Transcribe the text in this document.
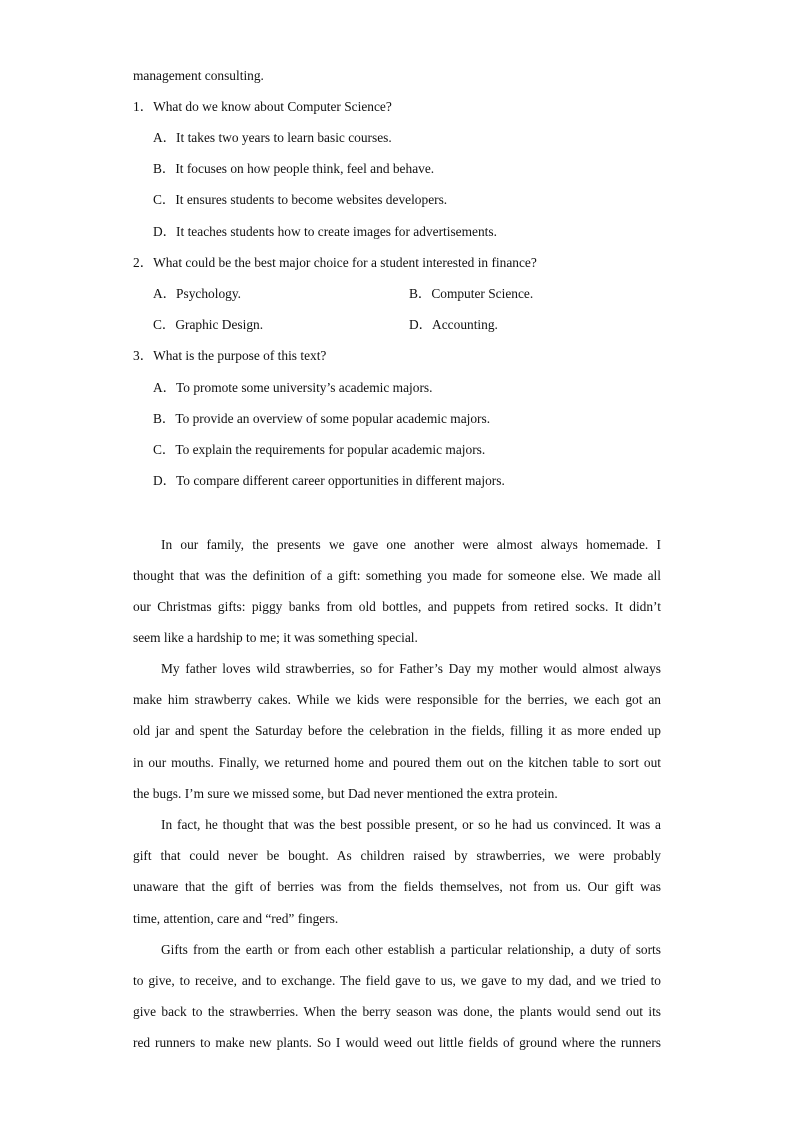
management consulting.
1．What do we know about Computer Science?
A．It takes two years to learn basic courses.
B．It focuses on how people think, feel and behave.
C．It ensures students to become websites developers.
D．It teaches students how to create images for advertisements.
2．What could be the best major choice for a student interested in finance?
A．Psychology.	B．Computer Science.
C．Graphic Design.	D．Accounting.
3．What is the purpose of this text?
A．To promote some university’s academic majors.
B．To provide an overview of some popular academic majors.
C．To explain the requirements for popular academic majors.
D．To compare different career opportunities in different majors.
In our family, the presents we gave one another were almost always homemade. I
thought that was the definition of a gift: something you made for someone else. We made all
our Christmas gifts: piggy banks from old bottles, and puppets from retired socks. It didn’t
seem like a hardship to me; it was something special.
My father loves wild strawberries, so for Father’s Day my mother would almost always
make him strawberry cakes. While we kids were responsible for the berries, we each got an
old jar and spent the Saturday before the celebration in the fields, filling it as more ended up
in our mouths. Finally, we returned home and poured them out on the kitchen table to sort out
the bugs. I’m sure we missed some, but Dad never mentioned the extra protein.
In fact, he thought that was the best possible present, or so he had us convinced. It was a
gift that could never be bought. As children raised by strawberries, we were probably
unaware that the gift of berries was from the fields themselves, not from us. Our gift was
time, attention, care and “red” fingers.
Gifts from the earth or from each other establish a particular relationship, a duty of sorts
to give, to receive, and to exchange. The field gave to us, we gave to my dad, and we tried to
give back to the strawberries. When the berry season was done, the plants would send out its
red runners to make new plants. So I would weed out little fields of ground where the runners
